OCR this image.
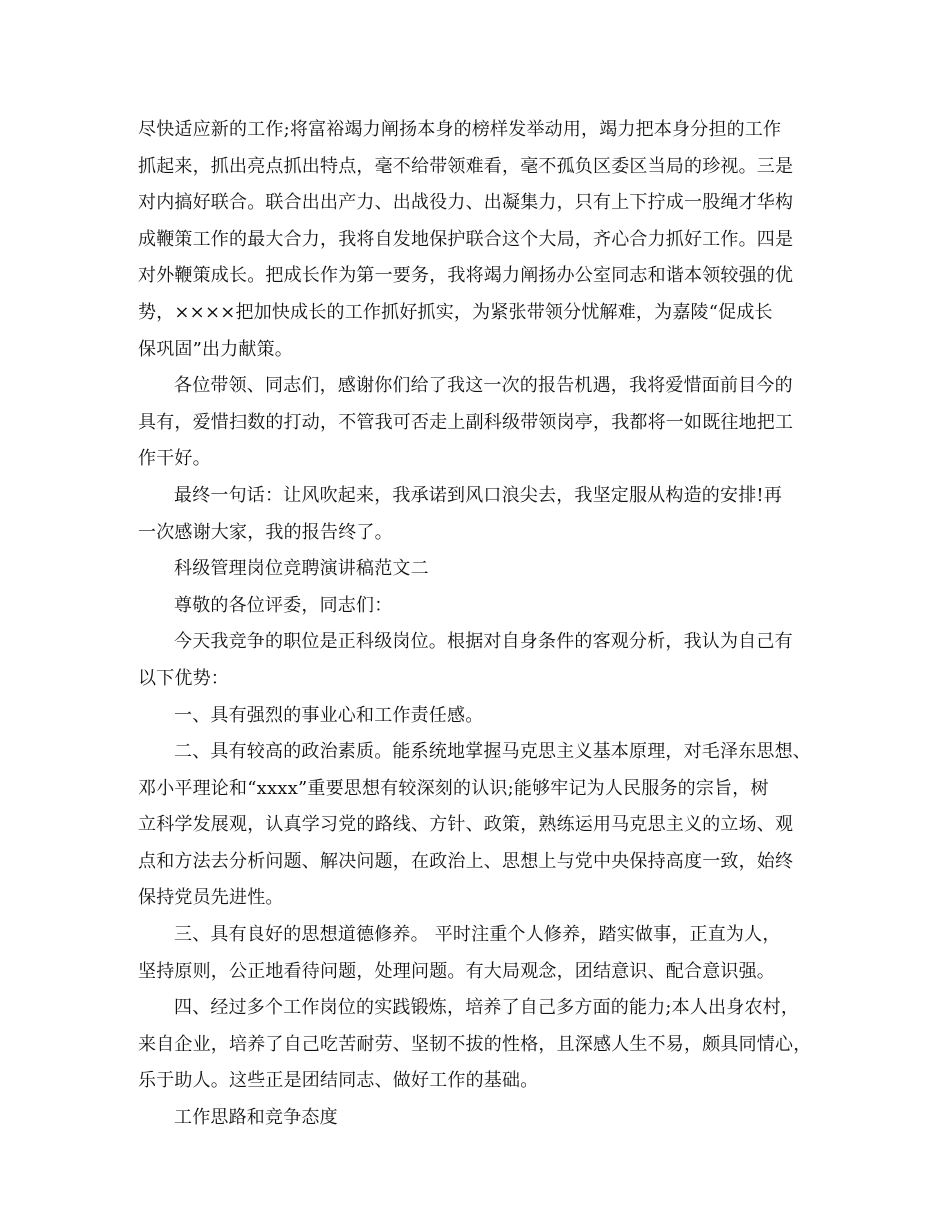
尽快适应新的工作;将富裕竭力阐扬本身的榜样发举动用，竭力把本身分担的工作
抓起来，抓出亮点抓出特点，毫不给带领难看，毫不孤负区委区当局的珍视。三是
对内搞好联合。联合出出产力、出战役力、出凝集力，只有上下拧成一股绳才华构
成鞭策工作的最大合力，我将自发地保护联合这个大局，齐心合力抓好工作。四是
对外鞭策成长。把成长作为第一要务，我将竭力阐扬办公室同志和谐本领较强的优
势，××××把加快成长的工作抓好抓实，为紧张带领分忧解难，为嘉陵“促成长
保巩固”出力献策。
各位带领、同志们，感谢你们给了我这一次的报告机遇，我将爱惜面前目今的
具有，爱惜扫数的打动，不管我可否走上副科级带领岗亭，我都将一如既往地把工
作干好。
最终一句话：让风吹起来，我承诺到风口浪尖去，我坚定服从构造的安排!再
一次感谢大家，我的报告终了。
科级管理岗位竞聘演讲稿范文二
尊敬的各位评委，同志们：
今天我竞争的职位是正科级岗位。根据对自身条件的客观分析，我认为自己有
以下优势：
一、具有强烈的事业心和工作责任感。
二、具有较高的政治素质。能系统地掌握马克思主义基本原理，对毛泽东思想、
邓小平理论和“xxxx”重要思想有较深刻的认识;能够牢记为人民服务的宗旨，树
立科学发展观，认真学习党的路线、方针、政策，熟练运用马克思主义的立场、观
点和方法去分析问题、解决问题，在政治上、思想上与党中央保持高度一致，始终
保持党员先进性。
三、具有良好的思想道德修养。 平时注重个人修养，踏实做事，正直为人，
坚持原则，公正地看待问题，处理问题。有大局观念，团结意识、配合意识强。
四、经过多个工作岗位的实践锻炼，培养了自己多方面的能力;本人出身农村，
来自企业，培养了自己吃苦耐劳、坚韧不拔的性格，且深感人生不易，颇具同情心，
乐于助人。这些正是团结同志、做好工作的基础。
工作思路和竞争态度
